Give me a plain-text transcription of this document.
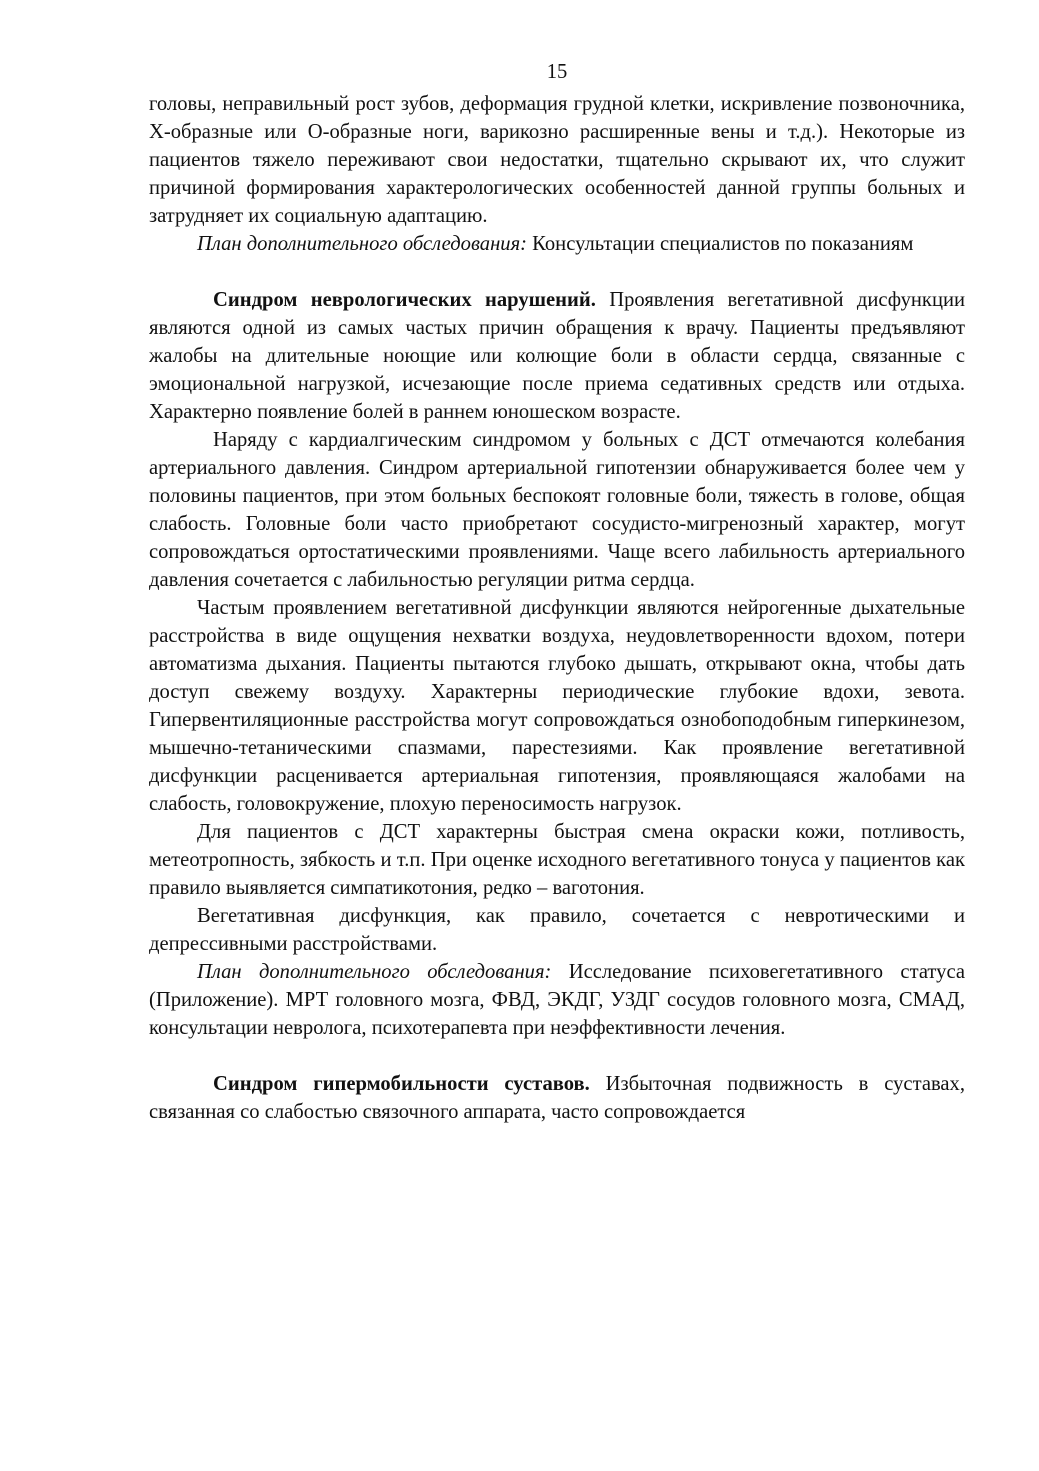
15

головы, неправильный рост зубов, деформация грудной клетки, искривление позвоночника, Х-образные или О-образные ноги, варикозно расширенные вены и т.д.). Некоторые из пациентов тяжело переживают свои недостатки, тщательно скрывают их, что служит причиной формирования характерологических особенностей данной группы больных и затрудняет их социальную адаптацию.

План дополнительного обследования: Консультации специалистов по показаниям

Синдром неврологических нарушений. Проявления вегетативной дисфункции являются одной из самых частых причин обращения к врачу. Пациенты предъявляют жалобы на длительные ноющие или колющие боли в области сердца, связанные с эмоциональной нагрузкой, исчезающие после приема седативных средств или отдыха. Характерно появление болей в раннем юношеском возрасте.

Наряду с кардиалгическим синдромом у больных с ДСТ отмечаются колебания артериального давления. Синдром артериальной гипотензии обнаруживается более чем у половины пациентов, при этом больных беспокоят головные боли, тяжесть в голове, общая слабость. Головные боли часто приобретают сосудисто-мигренозный характер, могут сопровождаться ортостатическими проявлениями. Чаще всего лабильность артериального давления сочетается с лабильностью регуляции ритма сердца.

Частым проявлением вегетативной дисфункции являются нейрогенные дыхательные расстройства в виде ощущения нехватки воздуха, неудовлетворенности вдохом, потери автоматизма дыхания. Пациенты пытаются глубоко дышать, открывают окна, чтобы дать доступ свежему воздуху. Характерны периодические глубокие вдохи, зевота. Гипервентиляционные расстройства могут сопровождаться ознобоподобным гиперкинезом, мышечно-тетаническими спазмами, парестезиями. Как проявление вегетативной дисфункции расценивается артериальная гипотензия, проявляющаяся жалобами на слабость, головокружение, плохую переносимость нагрузок.

Для пациентов с ДСТ характерны быстрая смена окраски кожи, потливость, метеотропность, зябкость и т.п. При оценке исходного вегетативного тонуса у пациентов как правило выявляется симпатикотония, редко – ваготония.

Вегетативная дисфункция, как правило, сочетается с невротическими и депрессивными расстройствами.

План дополнительного обследования: Исследование психовегетативного статуса (Приложение). МРТ головного мозга, ФВД, ЭКДГ, УЗДГ сосудов головного мозга, СМАД, консультации невролога, психотерапевта при неэффективности лечения.

Синдром гипермобильности суставов. Избыточная подвижность в суставах, связанная со слабостью связочного аппарата, часто сопровождается
